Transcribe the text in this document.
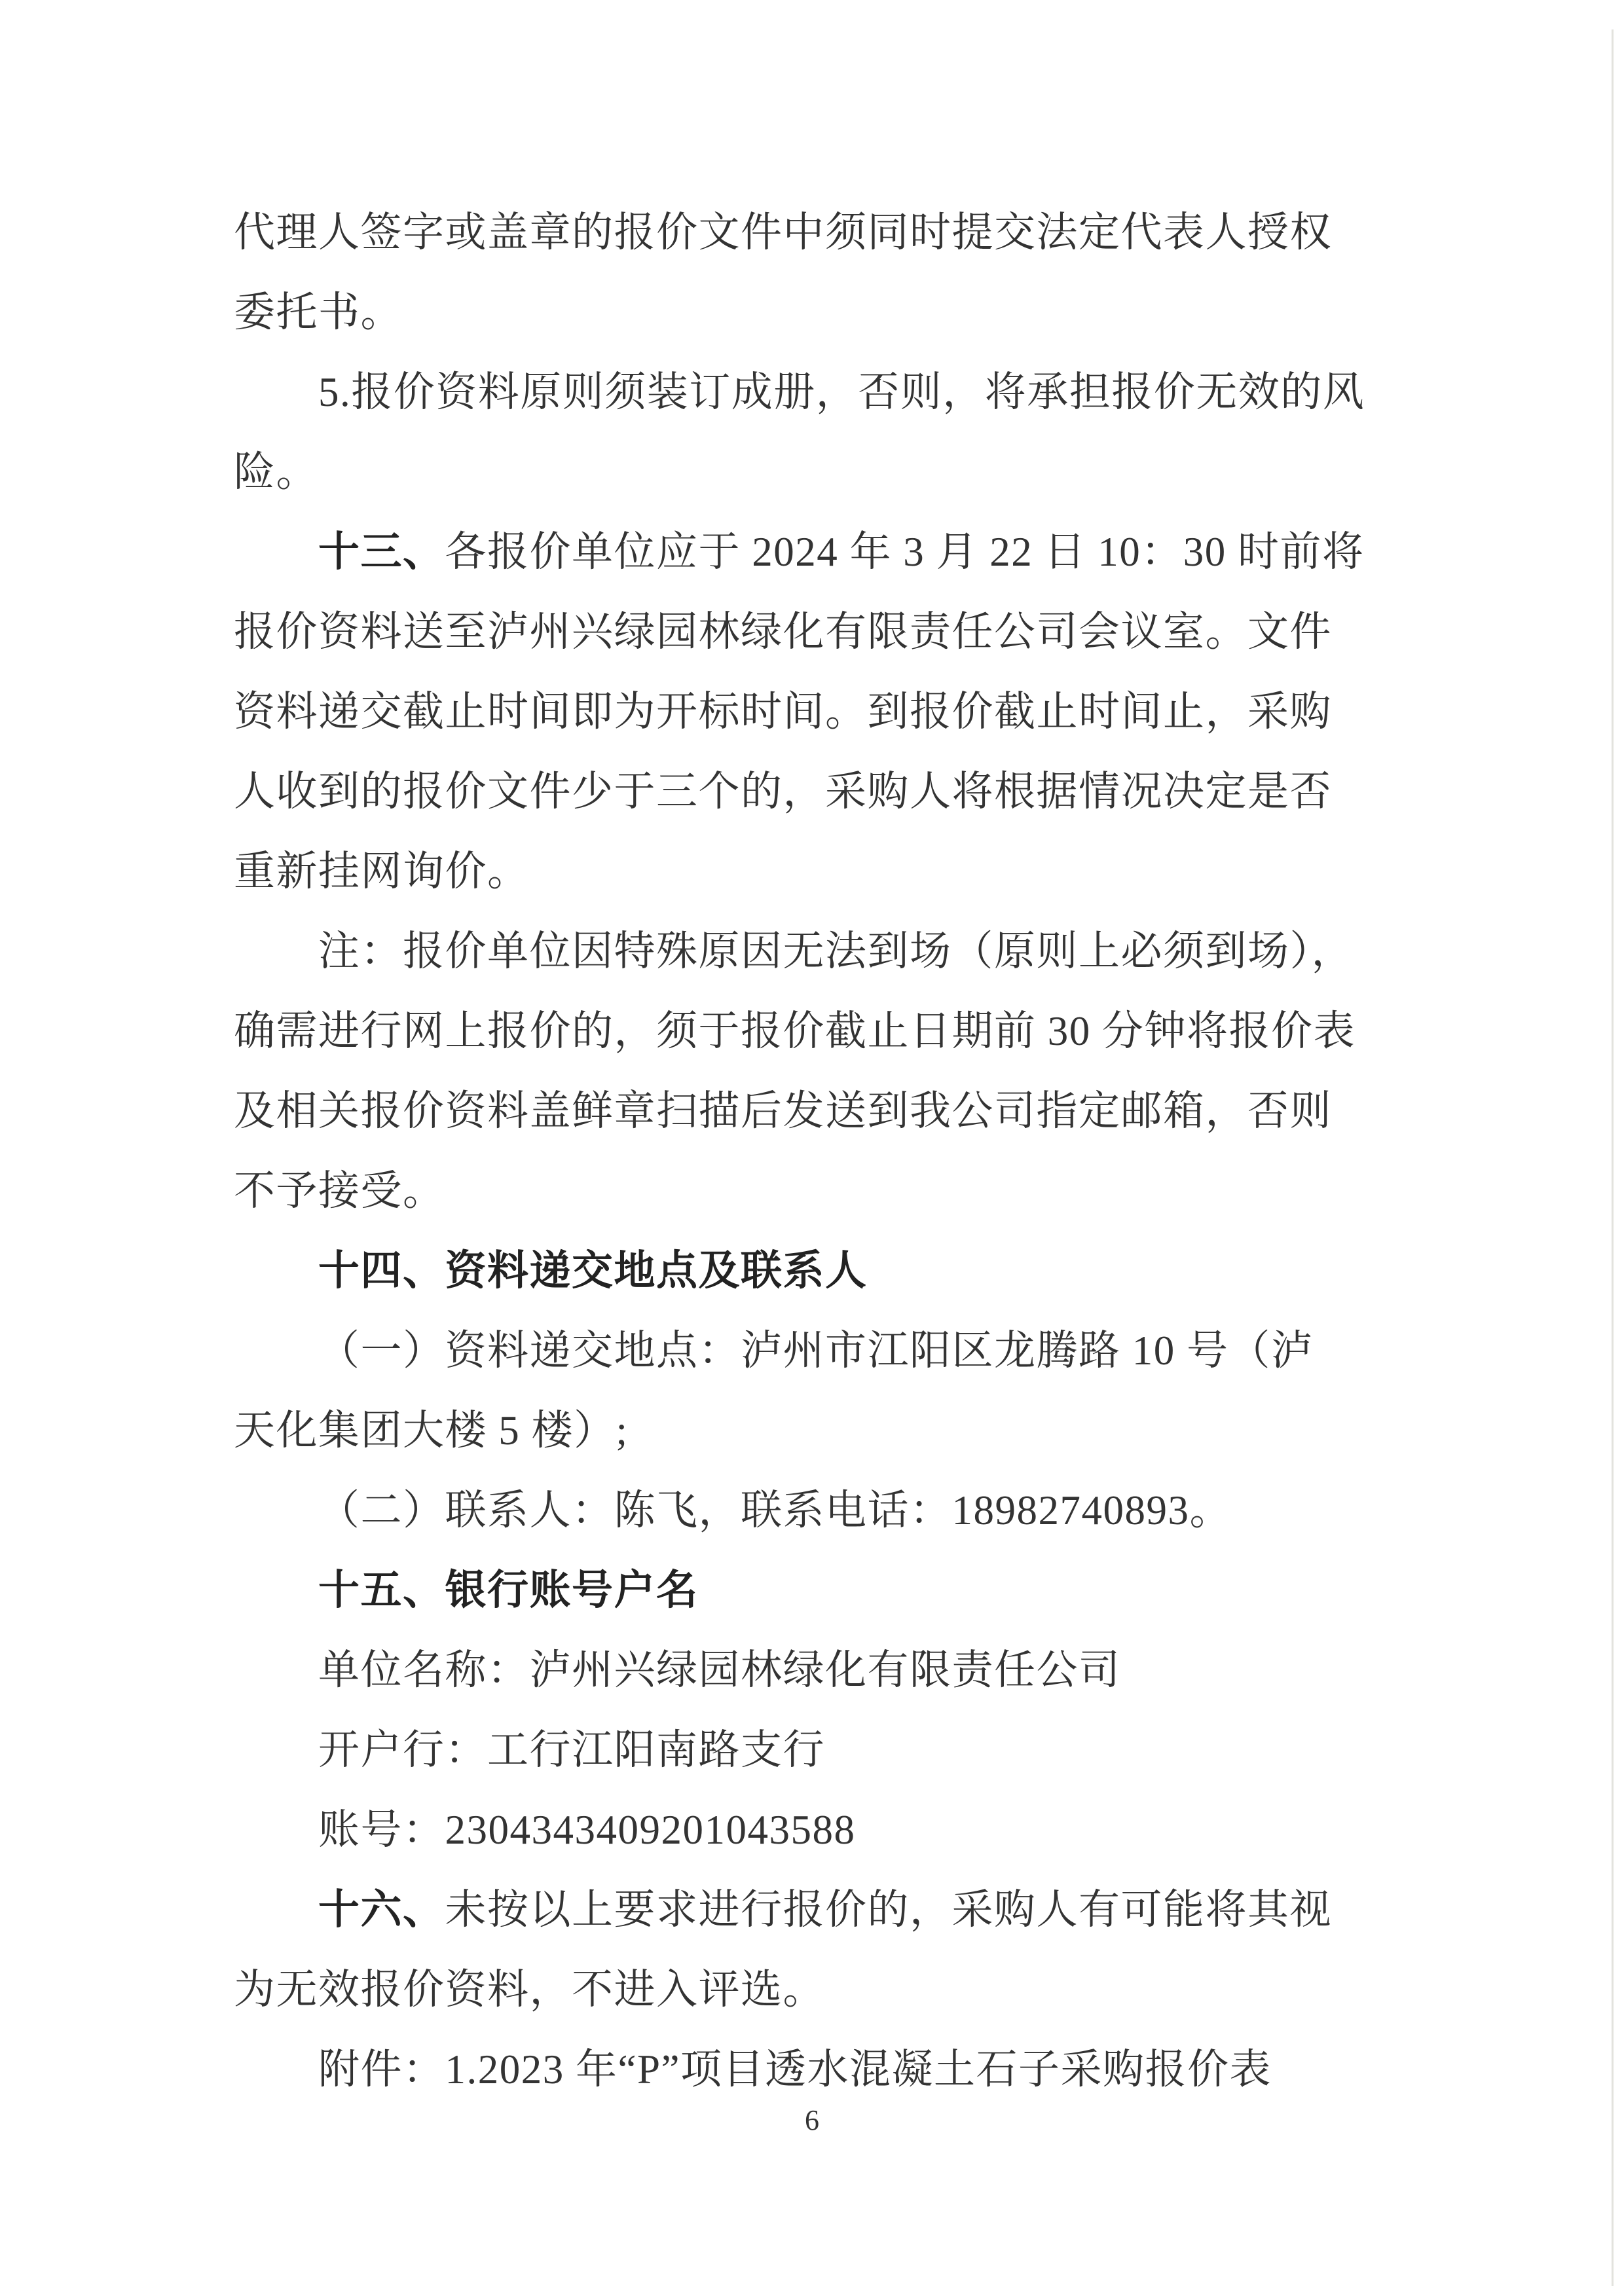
代理人签字或盖章的报价文件中须同时提交法定代表人授权

委托书。

5.报价资料原则须装订成册，否则，将承担报价无效的风

险。

十三、各报价单位应于 2024 年 3 月 22 日 10：30 时前将

报价资料送至泸州兴绿园林绿化有限责任公司会议室。文件

资料递交截止时间即为开标时间。到报价截止时间止，采购

人收到的报价文件少于三个的，采购人将根据情况决定是否

重新挂网询价。

注：报价单位因特殊原因无法到场（原则上必须到场），

确需进行网上报价的，须于报价截止日期前 30 分钟将报价表

及相关报价资料盖鲜章扫描后发送到我公司指定邮箱，否则

不予接受。

十四、资料递交地点及联系人

（一）资料递交地点：泸州市江阳区龙腾路 10 号（泸

天化集团大楼 5 楼）;

（二）联系人：陈飞，联系电话：18982740893。

十五、银行账号户名

单位名称：泸州兴绿园林绿化有限责任公司

开户行：工行江阳南路支行

账号：2304343409201043588

十六、未按以上要求进行报价的，采购人有可能将其视

为无效报价资料，不进入评选。

附件：1.2023 年“P”项目透水混凝土石子采购报价表

6
